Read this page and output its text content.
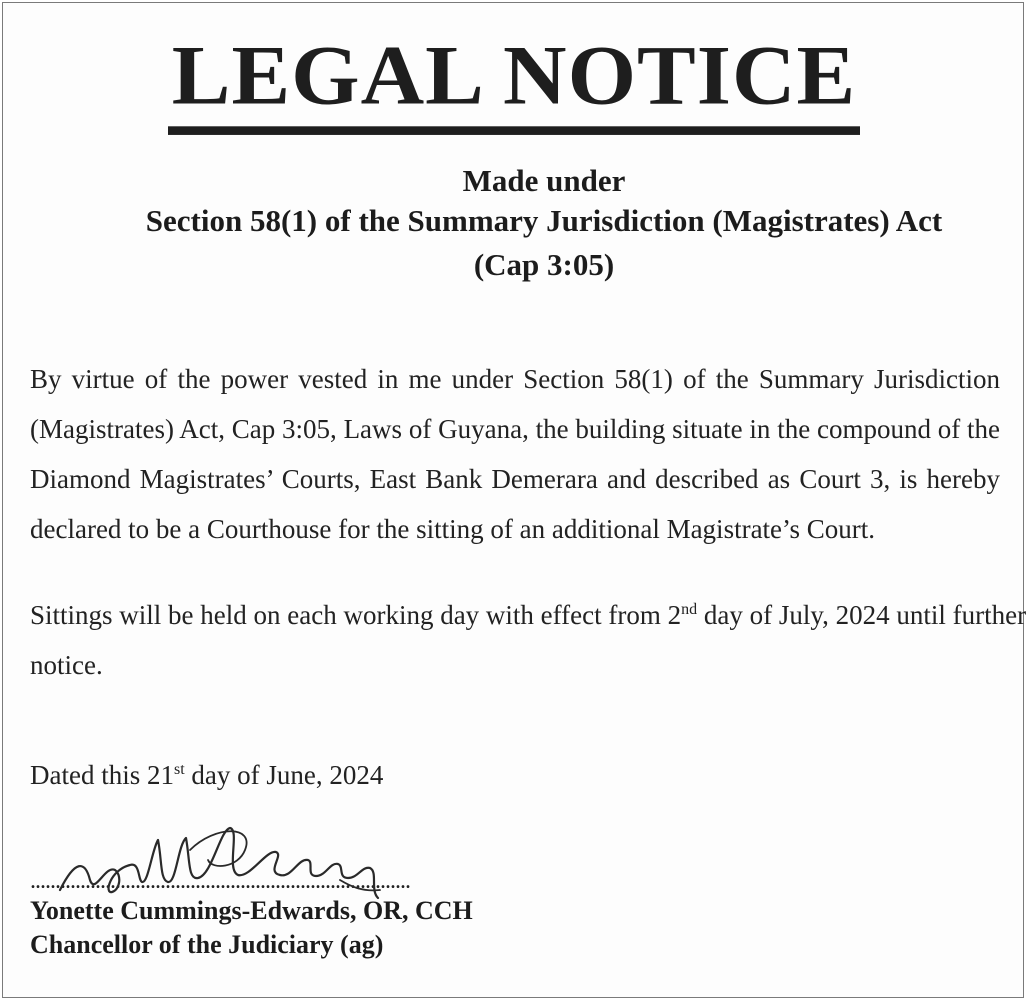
LEGAL NOTICE
Made under
Section 58(1) of the Summary Jurisdiction (Magistrates) Act
(Cap 3:05)
By virtue of the power vested in me under Section 58(1) of the Summary Jurisdiction
(Magistrates) Act, Cap 3:05, Laws of Guyana, the building situate in the compound of the
Diamond Magistrates’ Courts, East Bank Demerara and described as Court 3, is hereby
declared to be a Courthouse for the sitting of an additional Magistrate’s Court.
Sittings will be held on each working day with effect from 2nd day of July, 2024 until further
notice.
Dated this 21st day of June, 2024
............................................................................
Yonette Cummings-Edwards, OR, CCH
Chancellor of the Judiciary (ag)
